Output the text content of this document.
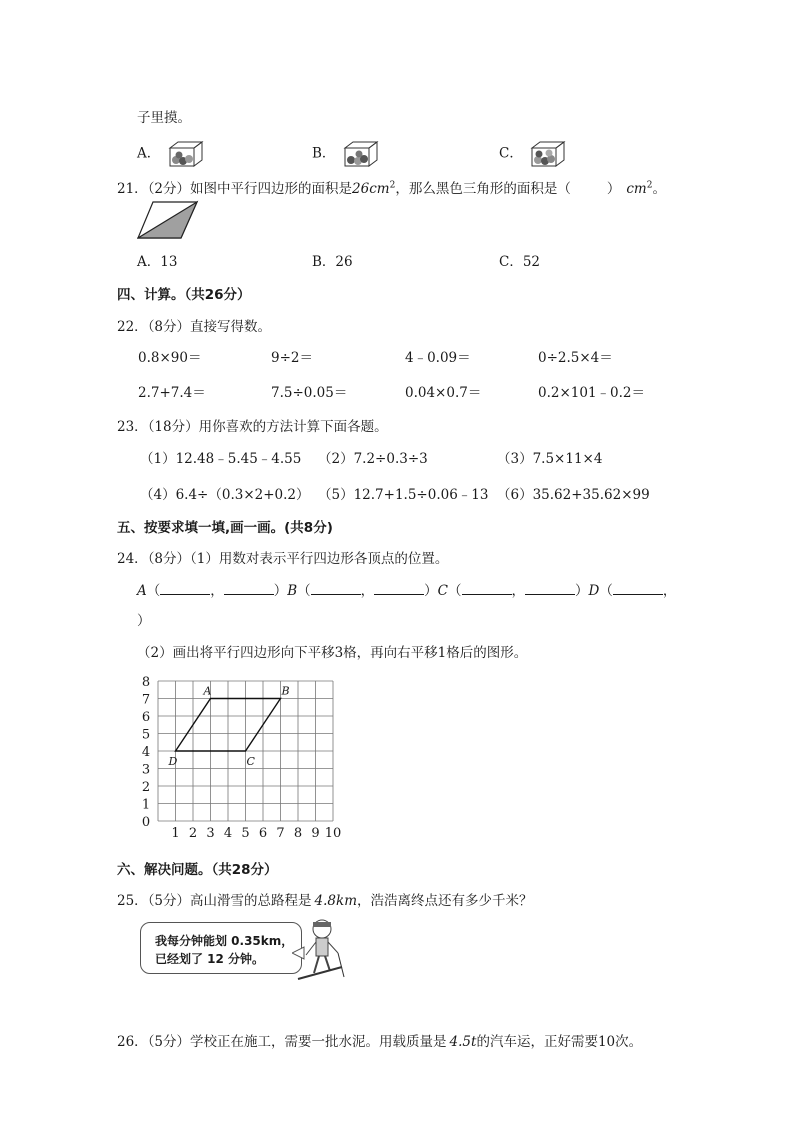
子里摸。
A．	B．	C．
21．（2分）如图中平行四边形的面积是$26cm^2$，那么黑色三角形的面积是（	） $cm^2$。
A．13	B．26	C．52
四、计算。（共26分）
22．（8分）直接写得数。
0.8×90＝	9÷2＝	4﹣0.09＝	0÷2.5×4＝
2.7+7.4＝	7.5÷0.05＝	0.04×0.7＝	0.2×101﹣0.2＝
23．（18分）用你喜欢的方法计算下面各题。
（1）12.48﹣5.45﹣4.55 （2）7.2÷0.3÷3	（3）7.5×11×4
（4）6.4÷（0.3×2+0.2） （5）12.7+1.5÷0.06﹣13 （6）35.62+35.62×99
五、按要求填一填,画一画。(共8分)
24．（8分）（1）用数对表示平行四边形各顶点的位置。
A（	，	）B（	，	）C（	，	）D（	，
）
（2）画出将平行四边形向下平移3格，再向右平移1格后的图形。
1 2 3 4 5 6 7 8 9 10
0
1
2
3
4
5
6
7
8
A	B
C
D
六、解决问题。（共28分）
25．（5分）高山滑雪的总路程是 4.8km，浩浩离终点还有多少千米？
我每分钟能划 0.35km，
已经划了 12 分钟。
26．（5分）学校正在施工，需要一批水泥。用载质量是 4.5t的汽车运，正好需要10次。
